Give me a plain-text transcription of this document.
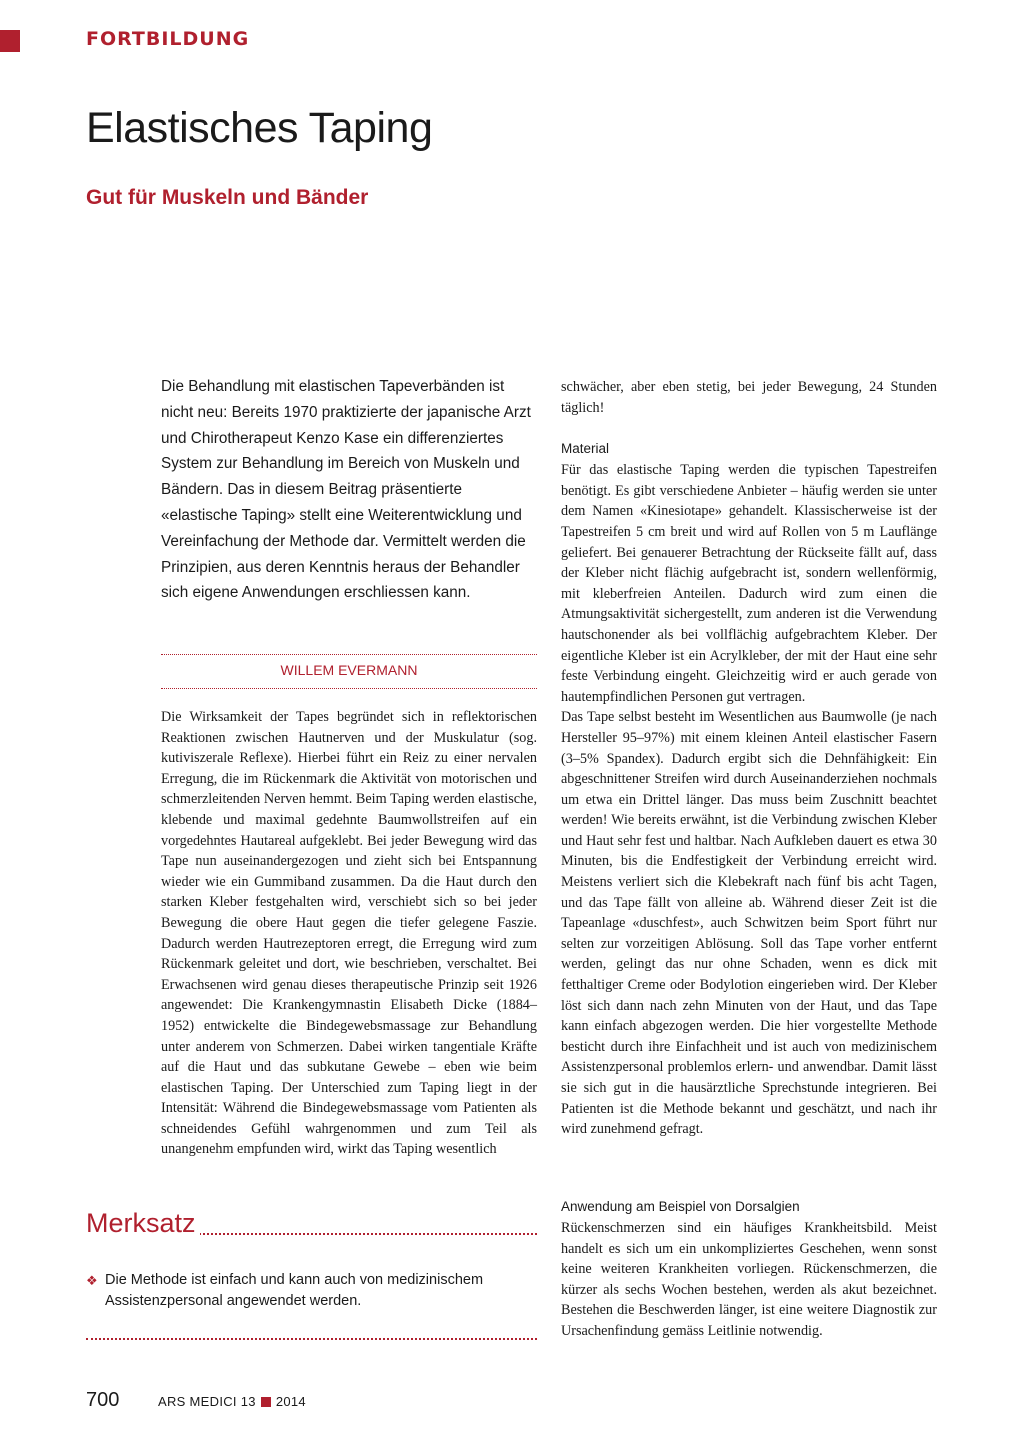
FORTBILDUNG
Elastisches Taping
Gut für Muskeln und Bänder

Die Behandlung mit elastischen Tapeverbänden ist nicht neu: Bereits 1970 praktizierte der japanische Arzt und Chirotherapeut Kenzo Kase ein differenziertes System zur Behandlung im Bereich von Muskeln und Bändern. Das in diesem Beitrag präsentierte «elastische Taping» stellt eine Weiterentwicklung und Vereinfachung der Methode dar. Vermittelt werden die Prinzipien, aus deren Kenntnis heraus der Behandler sich eigene Anwendungen erschliessen kann.

WILLEM EVERMANN

Die Wirksamkeit der Tapes begründet sich in reflektorischen Reaktionen zwischen Hautnerven und der Muskulatur (sog. kutiviszerale Reflexe). Hierbei führt ein Reiz zu einer nervalen Erregung, die im Rückenmark die Aktivität von motorischen und schmerzleitenden Nerven hemmt. Beim Taping werden elastische, klebende und maximal gedehnte Baumwollstreifen auf ein vorgedehntes Hautareal aufgeklebt. Bei jeder Bewegung wird das Tape nun auseinandergezogen und zieht sich bei Entspannung wieder wie ein Gummiband zusammen. Da die Haut durch den starken Kleber festgehalten wird, verschiebt sich so bei jeder Bewegung die obere Haut gegen die tiefer gelegene Faszie. Dadurch werden Hautrezeptoren erregt, die Erregung wird zum Rückenmark geleitet und dort, wie beschrieben, verschaltet. Bei Erwachsenen wird genau dieses therapeutische Prinzip seit 1926 angewendet: Die Krankengymnastin Elisabeth Dicke (1884–1952) entwickelte die Bindegewebsmassage zur Behandlung unter anderem von Schmerzen. Dabei wirken tangentiale Kräfte auf die Haut und das subkutane Gewebe – eben wie beim elastischen Taping. Der Unterschied zum Taping liegt in der Intensität: Während die Bindegewebsmassage vom Patienten als schneidendes Gefühl wahrgenommen und zum Teil als unangenehm empfunden wird, wirkt das Taping wesentlich

schwächer, aber eben stetig, bei jeder Bewegung, 24 Stunden täglich!

Material

Für das elastische Taping werden die typischen Tapestreifen benötigt. Es gibt verschiedene Anbieter – häufig werden sie unter dem Namen «Kinesiotape» gehandelt. Klassischerweise ist der Tapestreifen 5 cm breit und wird auf Rollen von 5 m Lauflänge geliefert. Bei genauerer Betrachtung der Rückseite fällt auf, dass der Kleber nicht flächig aufgebracht ist, sondern wellenförmig, mit kleberfreien Anteilen. Dadurch wird zum einen die Atmungsaktivität sichergestellt, zum anderen ist die Verwendung hautschonender als bei vollflächig aufgebrachtem Kleber. Der eigentliche Kleber ist ein Acrylkleber, der mit der Haut eine sehr feste Verbindung eingeht. Gleichzeitig wird er auch gerade von hautempfindlichen Personen gut vertragen.

Das Tape selbst besteht im Wesentlichen aus Baumwolle (je nach Hersteller 95–97%) mit einem kleinen Anteil elastischer Fasern (3–5% Spandex). Dadurch ergibt sich die Dehnfähigkeit: Ein abgeschnittener Streifen wird durch Auseinanderziehen nochmals um etwa ein Drittel länger. Das muss beim Zuschnitt beachtet werden! Wie bereits erwähnt, ist die Verbindung zwischen Kleber und Haut sehr fest und haltbar. Nach Aufkleben dauert es etwa 30 Minuten, bis die Endfestigkeit der Verbindung erreicht wird. Meistens verliert sich die Klebekraft nach fünf bis acht Tagen, und das Tape fällt von alleine ab. Während dieser Zeit ist die Tapeanlage «duschfest», auch Schwitzen beim Sport führt nur selten zur vorzeitigen Ablösung. Soll das Tape vorher entfernt werden, gelingt das nur ohne Schaden, wenn es dick mit fetthaltiger Creme oder Bodylotion eingerieben wird. Der Kleber löst sich dann nach zehn Minuten von der Haut, und das Tape kann einfach abgezogen werden. Die hier vorgestellte Methode besticht durch ihre Einfachheit und ist auch von medizinischem Assistenzpersonal problemlos erlern- und anwendbar. Damit lässt sie sich gut in die hausärztliche Sprechstunde integrieren. Bei Patienten ist die Methode bekannt und geschätzt, und nach ihr wird zunehmend gefragt.

Anwendung am Beispiel von Dorsalgien

Rückenschmerzen sind ein häufiges Krankheitsbild. Meist handelt es sich um ein unkompliziertes Geschehen, wenn sonst keine weiteren Krankheiten vorliegen. Rückenschmerzen, die kürzer als sechs Wochen bestehen, werden als akut bezeichnet. Bestehen die Beschwerden länger, ist eine weitere Diagnostik zur Ursachenfindung gemäss Leitlinie notwendig.

Merksatz
❖ Die Methode ist einfach und kann auch von medizinischem Assistenzpersonal angewendet werden.
700	ARS MEDICI 13 2014
